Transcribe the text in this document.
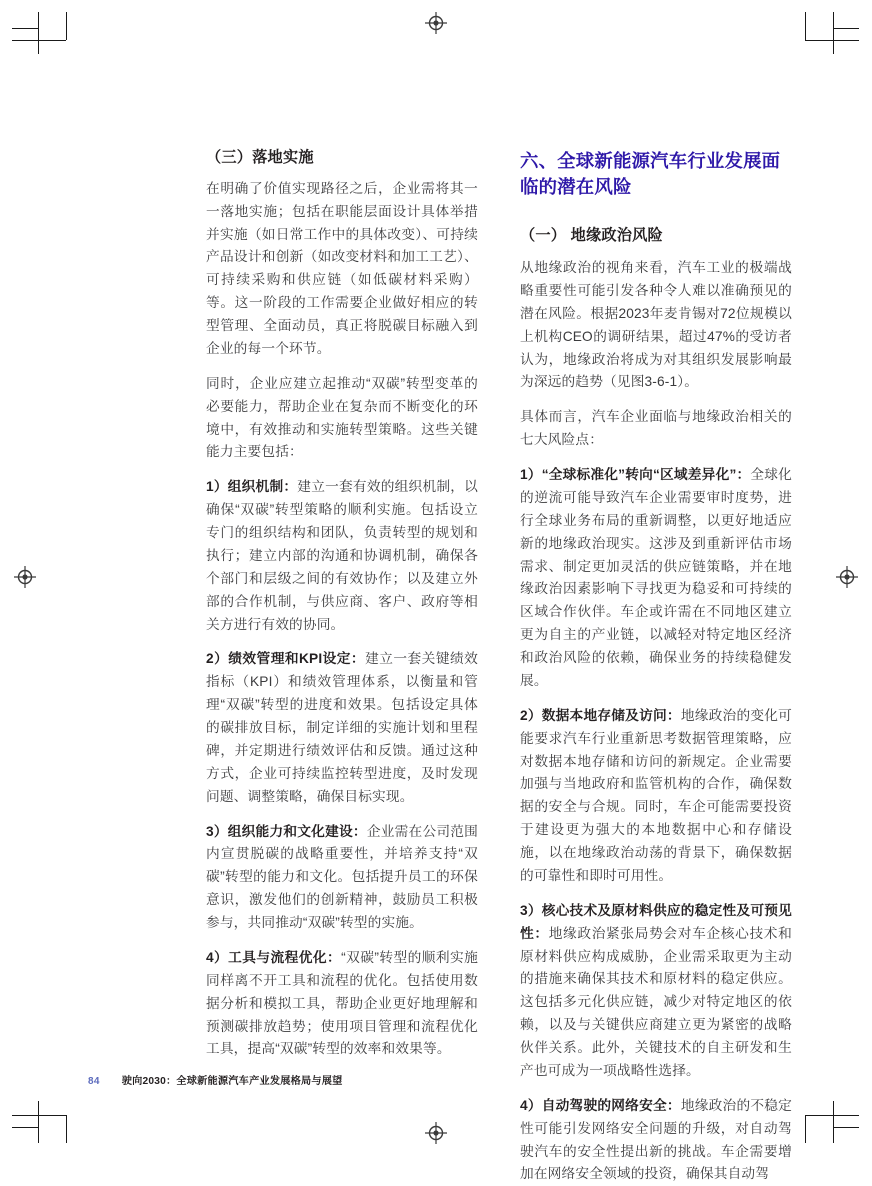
（三）落地实施

在明确了价值实现路径之后，企业需将其一一落地实施；包括在职能层面设计具体举措并实施（如日常工作中的具体改变）、可持续产品设计和创新（如改变材料和加工工艺）、可持续采购和供应链（如低碳材料采购）等。这一阶段的工作需要企业做好相应的转型管理、全面动员，真正将脱碳目标融入到企业的每一个环节。

同时，企业应建立起推动“双碳”转型变革的必要能力，帮助企业在复杂而不断变化的环境中，有效推动和实施转型策略。这些关键能力主要包括：

1）组织机制：建立一套有效的组织机制，以确保“双碳”转型策略的顺利实施。包括设立专门的组织结构和团队，负责转型的规划和执行；建立内部的沟通和协调机制，确保各个部门和层级之间的有效协作；以及建立外部的合作机制，与供应商、客户、政府等相关方进行有效的协同。

2）绩效管理和KPI设定：建立一套关键绩效指标（KPI）和绩效管理体系，以衡量和管理“双碳”转型的进度和效果。包括设定具体的碳排放目标，制定详细的实施计划和里程碑，并定期进行绩效评估和反馈。通过这种方式，企业可持续监控转型进度，及时发现问题、调整策略，确保目标实现。

3）组织能力和文化建设：企业需在公司范围内宣贯脱碳的战略重要性，并培养支持“双碳”转型的能力和文化。包括提升员工的环保意识，激发他们的创新精神，鼓励员工积极参与，共同推动“双碳”转型的实施。

4）工具与流程优化：“双碳”转型的顺利实施同样离不开工具和流程的优化。包括使用数据分析和模拟工具，帮助企业更好地理解和预测碳排放趋势；使用项目管理和流程优化工具，提高“双碳”转型的效率和效果等。

六、全球新能源汽车行业发展面临的潜在风险
（一） 地缘政治风险

从地缘政治的视角来看，汽车工业的极端战略重要性可能引发各种令人难以准确预见的潜在风险。根据2023年麦肯锡对72位规模以上机构CEO的调研结果，超过47%的受访者认为，地缘政治将成为对其组织发展影响最为深远的趋势（见图3-6-1）。

具体而言，汽车企业面临与地缘政治相关的七大风险点：

1）“全球标准化”转向“区域差异化”：全球化的逆流可能导致汽车企业需要审时度势，进行全球业务布局的重新调整，以更好地适应新的地缘政治现实。这涉及到重新评估市场需求、制定更加灵活的供应链策略，并在地缘政治因素影响下寻找更为稳妥和可持续的区域合作伙伴。车企或许需在不同地区建立更为自主的产业链，以减轻对特定地区经济和政治风险的依赖，确保业务的持续稳健发展。

2）数据本地存储及访问：地缘政治的变化可能要求汽车行业重新思考数据管理策略，应对数据本地存储和访问的新规定。企业需要加强与当地政府和监管机构的合作，确保数据的安全与合规。同时，车企可能需要投资于建设更为强大的本地数据中心和存储设施，以在地缘政治动荡的背景下，确保数据的可靠性和即时可用性。

3）核心技术及原材料供应的稳定性及可预见性：地缘政治紧张局势会对车企核心技术和原材料供应构成威胁，企业需采取更为主动的措施来确保其技术和原材料的稳定供应。这包括多元化供应链，减少对特定地区的依赖，以及与关键供应商建立更为紧密的战略伙伴关系。此外，关键技术的自主研发和生产也可成为一项战略性选择。

4）自动驾驶的网络安全：地缘政治的不稳定性可能引发网络安全问题的升级，对自动驾驶汽车的安全性提出新的挑战。车企需要增加在网络安全领域的投资，确保其自动驾

84 驶向2030：全球新能源汽车产业发展格局与展望
